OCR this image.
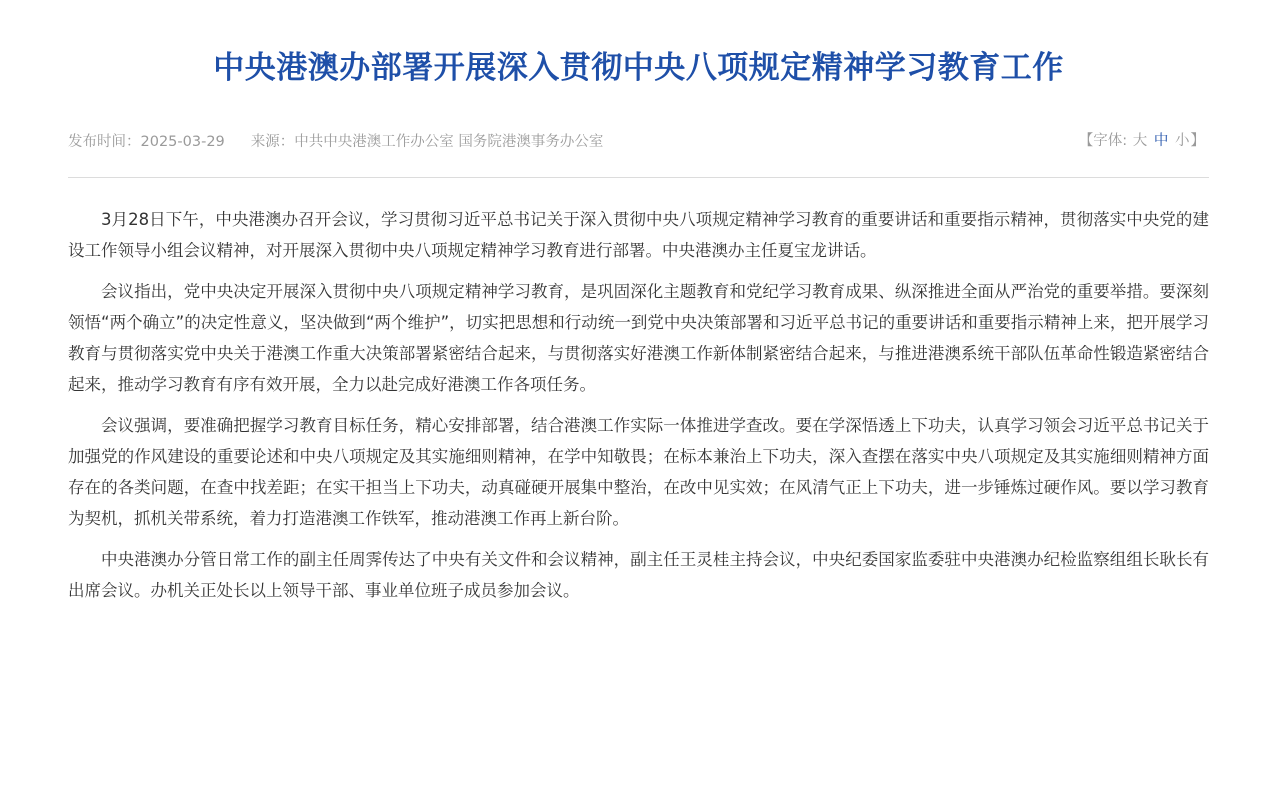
中央港澳办部署开展深入贯彻中央八项规定精神学习教育工作
发布时间：2025-03-29 来源：中共中央港澳工作办公室 国务院港澳事务办公室	【字体: 大 中 小】

3月28日下午，中央港澳办召开会议，学习贯彻习近平总书记关于深入贯彻中央八项规定精神学习教育的重要讲话和重要指示精神，贯彻落实中央党的建设工作领导小组会议精神，对开展深入贯彻中央八项规定精神学习教育进行部署。中央港澳办主任夏宝龙讲话。

会议指出，党中央决定开展深入贯彻中央八项规定精神学习教育，是巩固深化主题教育和党纪学习教育成果、纵深推进全面从严治党的重要举措。要深刻领悟“两个确立”的决定性意义，坚决做到“两个维护”，切实把思想和行动统一到党中央决策部署和习近平总书记的重要讲话和重要指示精神上来，把开展学习教育与贯彻落实党中央关于港澳工作重大决策部署紧密结合起来，与贯彻落实好港澳工作新体制紧密结合起来，与推进港澳系统干部队伍革命性锻造紧密结合起来，推动学习教育有序有效开展，全力以赴完成好港澳工作各项任务。

会议强调，要准确把握学习教育目标任务，精心安排部署，结合港澳工作实际一体推进学查改。要在学深悟透上下功夫，认真学习领会习近平总书记关于加强党的作风建设的重要论述和中央八项规定及其实施细则精神，在学中知敬畏；在标本兼治上下功夫，深入查摆在落实中央八项规定及其实施细则精神方面存在的各类问题，在查中找差距；在实干担当上下功夫，动真碰硬开展集中整治，在改中见实效；在风清气正上下功夫，进一步锤炼过硬作风。要以学习教育为契机，抓机关带系统，着力打造港澳工作铁军，推动港澳工作再上新台阶。

中央港澳办分管日常工作的副主任周霁传达了中央有关文件和会议精神，副主任王灵桂主持会议，中央纪委国家监委驻中央港澳办纪检监察组组长耿长有出席会议。办机关正处长以上领导干部、事业单位班子成员参加会议。
